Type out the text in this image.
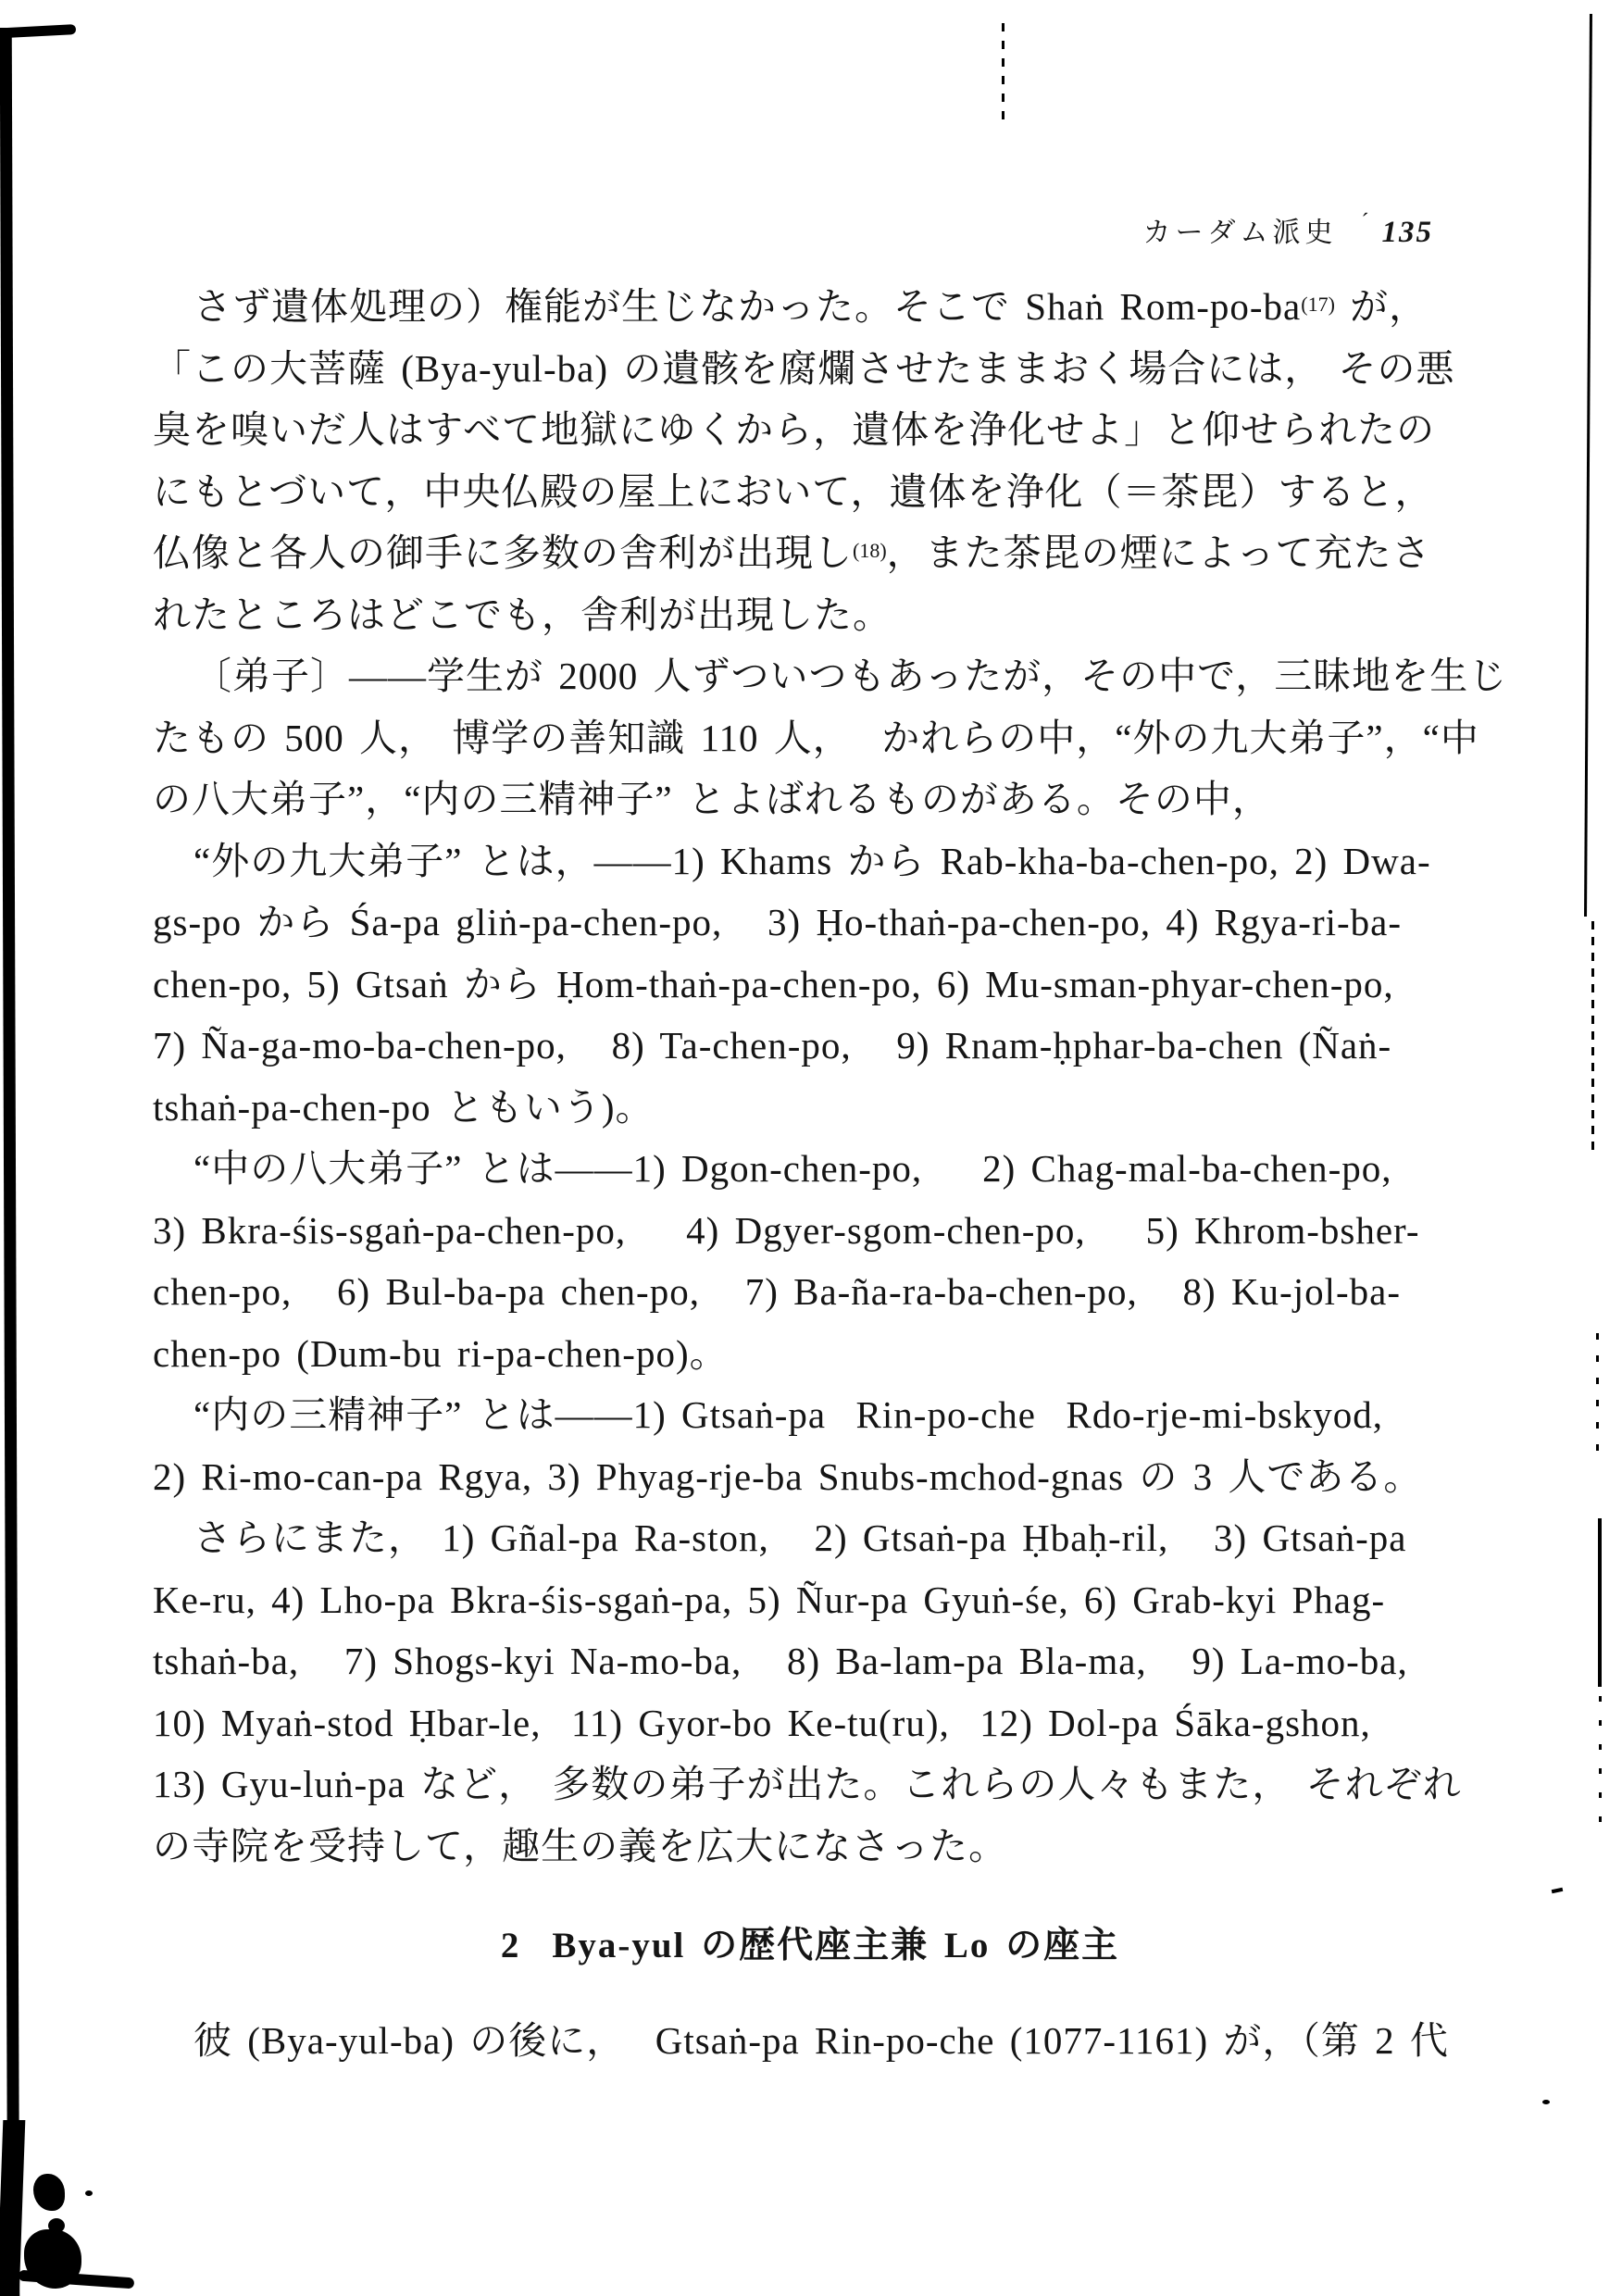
カーダム派史 ´ 135
さず遺体処理の）権能が生じなかった。そこで Shaṅ Rom-$po-ba^{(17)}$ が，
「この大菩薩 (Bya-yul-ba) の遺骸を腐爛させたままおく場合には， その悪
臭を嗅いだ人はすべて地獄にゆくから，遺体を浄化せよ」と仰せられたの
にもとづいて，中央仏殿の屋上において，遺体を浄化（＝茶毘）すると，
仏像と各人の御手に多数の舎利が出現し$^{(18)}$，また茶毘の煙によって充たさ
れたところはどこでも，舎利が出現した。
〔弟子〕——学生が 2000 人ずついつもあったが，その中で，三昧地を生じ
たもの 500 人， 博学の善知識 110 人，  かれらの中，“外の九大弟子”，“中
の八大弟子”，“内の三精神子” とよばれるものがある。その中，
“外の九大弟子” とは，——1) Khams から Rab-kha-ba-chen-po, 2) Dwa-
gs-po から Śa-pa gliṅ-pa-chen-po,   3) Ḥo-thaṅ-pa-chen-po, 4) Rgya-ri-ba-
chen-po, 5) Gtsaṅ から Ḥom-thaṅ-pa-chen-po, 6) Mu-sman-phyar-chen-po,
7) Ña-ga-mo-ba-chen-po,   8) Ta-chen-po,   9) Rnam-ḥphar-ba-chen (Ñaṅ-
tshaṅ-pa-chen-po ともいう)。
“中の八大弟子” とは——1) Dgon-chen-po,    2) Chag-mal-ba-chen-po,
3) Bkra-śis-sgaṅ-pa-chen-po,    4) Dgyer-sgom-chen-po,    5) Khrom-bsher-
chen-po,   6) Bul-ba-pa chen-po,   7) Ba-ña-ra-ba-chen-po,   8) Ku-jol-ba-
chen-po (Dum-bu ri-pa-chen-po)。
“内の三精神子” とは——1) Gtsaṅ-pa  Rin-po-che  Rdo-rje-mi-bskyod,
2) Ri-mo-can-pa Rgya, 3) Phyag-rje-ba Snubs-mchod-gnas の 3 人である。
さらにまた， 1) Gñal-pa Ra-ston,   2) Gtsaṅ-pa Ḥbaḥ-ril,   3) Gtsaṅ-pa
Ke-ru, 4) Lho-pa Bkra-śis-sgaṅ-pa, 5) Ñur-pa Gyuṅ-śe, 6) Grab-kyi Phag-
tshaṅ-ba,   7) Shogs-kyi Na-mo-ba,   8) Ba-lam-pa Bla-ma,   9) La-mo-ba,
10) Myaṅ-stod Ḥbar-le,  11) Gyor-bo Ke-tu(ru),  12) Dol-pa Śāka-gshon,
13) Gyu-luṅ-pa など， 多数の弟子が出た。これらの人々もまた， それぞれ
の寺院を受持して，趣生の義を広大になさった。
2 Bya-yul の歴代座主兼 Lo の座主
彼 (Bya-yul-ba) の後に，  Gtsaṅ-pa Rin-po-che (1077-1161) が，（第 2 代
